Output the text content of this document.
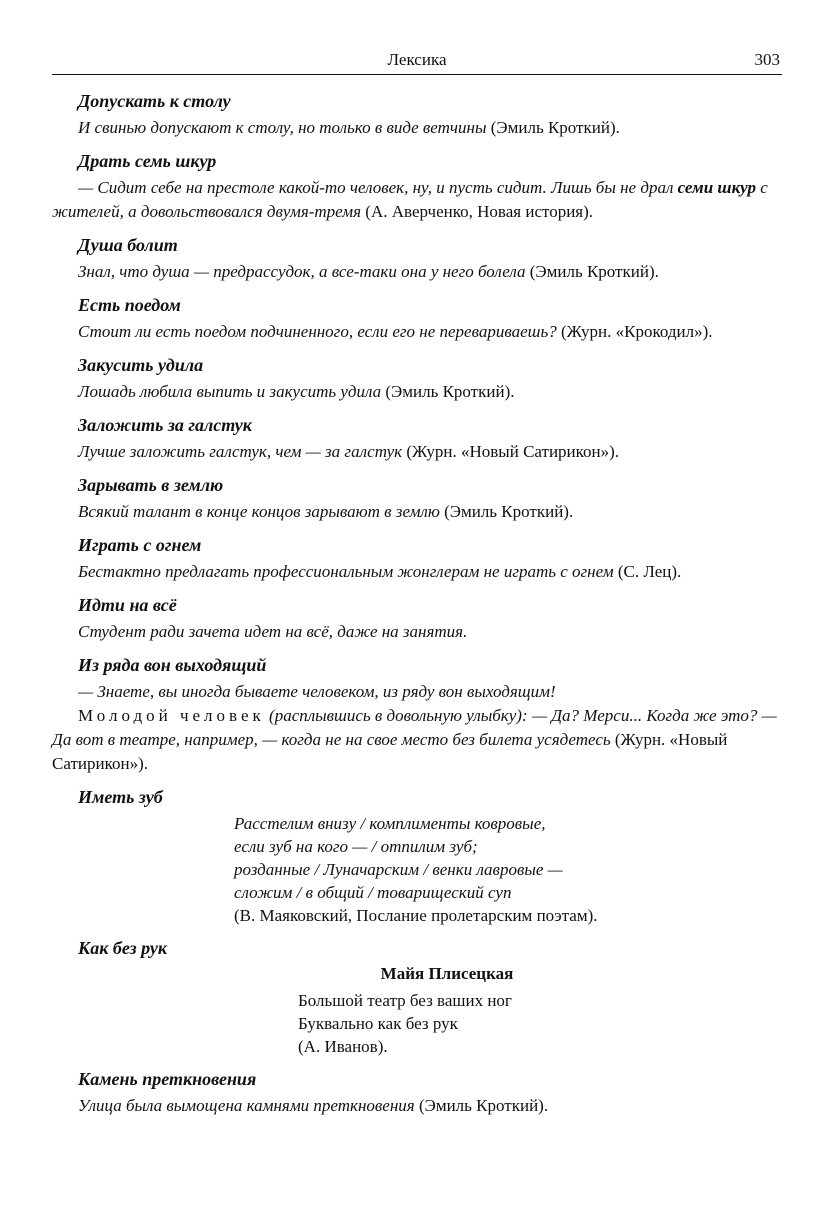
Лексика	303
Допускать к столу

И свинью допускают к столу, но только в виде ветчины (Эмиль Кроткий).

Драть семь шкур

— Сидит себе на престоле какой-то человек, ну, и пусть сидит. Лишь бы не драл семи шкур с жителей, а довольствовался двумя-тремя (А. Аверченко, Новая история).

Душа болит

Знал, что душа — предрассудок, а все-таки она у него болела (Эмиль Кроткий).

Есть поедом

Стоит ли есть поедом подчиненного, если его не перевариваешь? (Журн. «Крокодил»).

Закусить удила

Лошадь любила выпить и закусить удила (Эмиль Кроткий).

Заложить за галстук

Лучше заложить галстук, чем — за галстук (Журн. «Новый Сатирикон»).

Зарывать в землю

Всякий талант в конце концов зарывают в землю (Эмиль Кроткий).

Играть с огнем

Бестактно предлагать профессиональным жонглерам не играть с огнем (С. Лец).

Идти на всё

Студент ради зачета идет на всё, даже на занятия.

Из ряда вон выходящий

— Знаете, вы иногда бываете человеком, из ряду вон выходящим!

Молодой человек (расплывшись в довольную улыбку): — Да? Мерси... Когда же это? — Да вот в театре, например, — когда не на свое место без билета усядетесь (Журн. «Новый Сатирикон»).

Иметь зуб
Расстелим внизу / комплименты ковровые,
если зуб на кого — / отпилим зуб;
розданные / Луначарским / венки лавровые —
сложим / в общий / товарищеский суп
(В. Маяковский, Послание пролетарским поэтам).
Как без рук
Майя Плисецкая
Большой театр без ваших ног
Буквально как без рук
(А. Иванов).
Камень преткновения

Улица была вымощена камнями преткновения (Эмиль Кроткий).
